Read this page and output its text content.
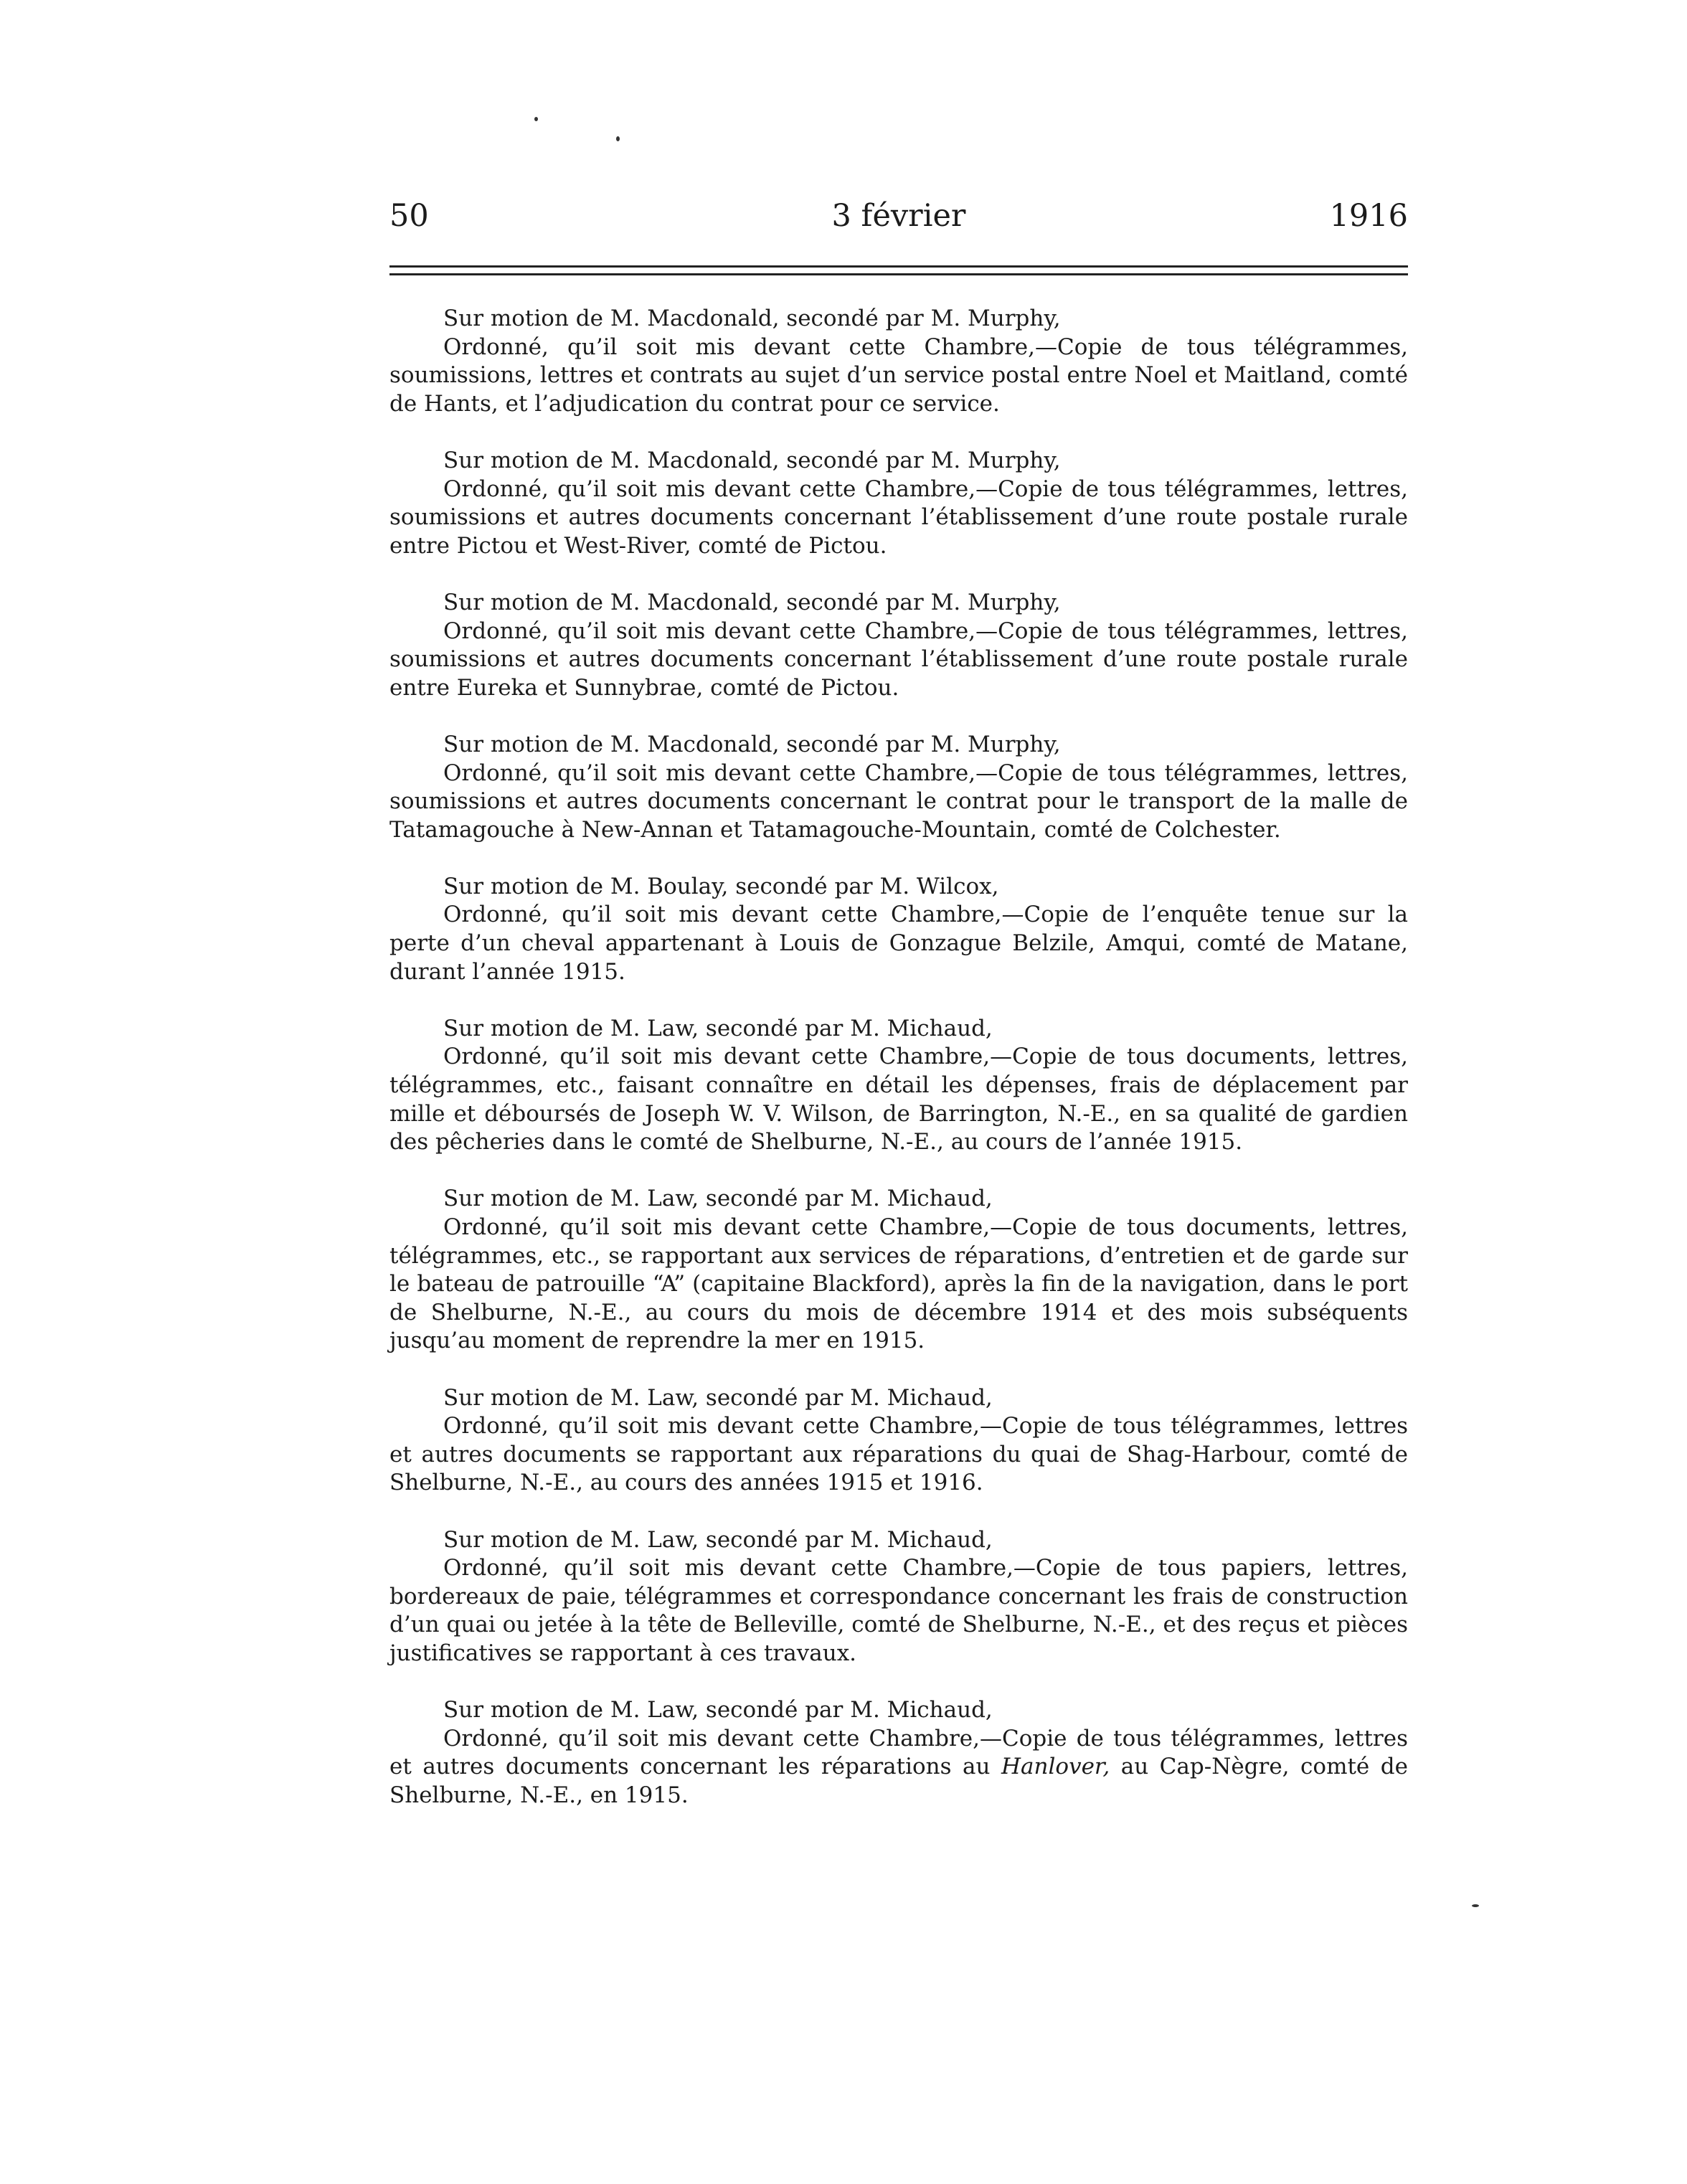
50	3 février	1916

Sur motion de M. Macdonald, secondé par M. Murphy,

Ordonné, qu’il soit mis devant cette Chambre,—Copie de tous télégrammes, soumissions, lettres et contrats au sujet d’un service postal entre Noel et Maitland, comté de Hants, et l’adjudication du contrat pour ce service.

Sur motion de M. Macdonald, secondé par M. Murphy,

Ordonné, qu’il soit mis devant cette Chambre,—Copie de tous télégrammes, lettres, soumissions et autres documents concernant l’établissement d’une route postale rurale entre Pictou et West-River, comté de Pictou.

Sur motion de M. Macdonald, secondé par M. Murphy,

Ordonné, qu’il soit mis devant cette Chambre,—Copie de tous télégrammes, lettres, soumissions et autres documents concernant l’établissement d’une route postale rurale entre Eureka et Sunnybrae, comté de Pictou.

Sur motion de M. Macdonald, secondé par M. Murphy,

Ordonné, qu’il soit mis devant cette Chambre,—Copie de tous télégrammes, lettres, soumissions et autres documents concernant le contrat pour le transport de la malle de Tatamagouche à New-Annan et Tatamagouche-Mountain, comté de Colchester.

Sur motion de M. Boulay, secondé par M. Wilcox,

Ordonné, qu’il soit mis devant cette Chambre,—Copie de l’enquête tenue sur la perte d’un cheval appartenant à Louis de Gonzague Belzile, Amqui, comté de Matane, durant l’année 1915.

Sur motion de M. Law, secondé par M. Michaud,

Ordonné, qu’il soit mis devant cette Chambre,—Copie de tous documents, lettres, télégrammes, etc., faisant connaître en détail les dépenses, frais de déplacement par mille et déboursés de Joseph W. V. Wilson, de Barrington, N.-E., en sa qualité de gardien des pêcheries dans le comté de Shelburne, N.-E., au cours de l’année 1915.

Sur motion de M. Law, secondé par M. Michaud,

Ordonné, qu’il soit mis devant cette Chambre,—Copie de tous documents, lettres, télégrammes, etc., se rapportant aux services de réparations, d’entretien et de garde sur le bateau de patrouille “A” (capitaine Blackford), après la fin de la navigation, dans le port de Shelburne, N.-E., au cours du mois de décembre 1914 et des mois subséquents jusqu’au moment de reprendre la mer en 1915.

Sur motion de M. Law, secondé par M. Michaud,

Ordonné, qu’il soit mis devant cette Chambre,—Copie de tous télégrammes, lettres et autres documents se rapportant aux réparations du quai de Shag-Harbour, comté de Shelburne, N.-E., au cours des années 1915 et 1916.

Sur motion de M. Law, secondé par M. Michaud,

Ordonné, qu’il soit mis devant cette Chambre,—Copie de tous papiers, lettres, bordereaux de paie, télégrammes et correspondance concernant les frais de construction d’un quai ou jetée à la tête de Belleville, comté de Shelburne, N.-E., et des reçus et pièces justificatives se rapportant à ces travaux.

Sur motion de M. Law, secondé par M. Michaud,

Ordonné, qu’il soit mis devant cette Chambre,—Copie de tous télégrammes, lettres et autres documents concernant les réparations au Hanlover, au Cap-Nègre, comté de Shelburne, N.-E., en 1915.
